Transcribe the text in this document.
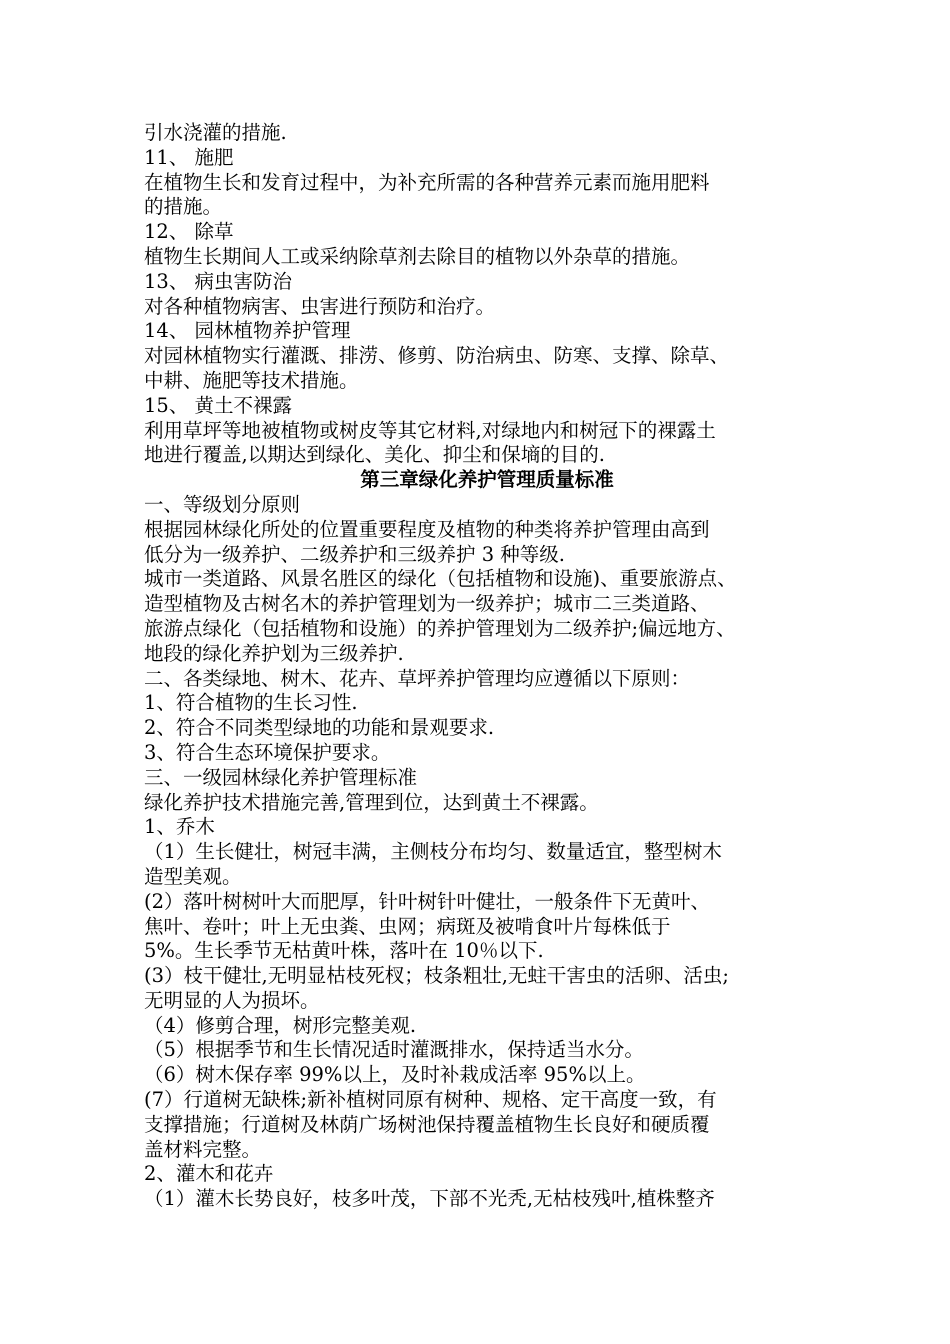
引水浇灌的措施.

11、 施肥

在植物生长和发育过程中，为补充所需的各种营养元素而施用肥料

的措施。

12、 除草

植物生长期间人工或采纳除草剂去除目的植物以外杂草的措施。

13、 病虫害防治

对各种植物病害、虫害进行预防和治疗。

14、 园林植物养护管理

对园林植物实行灌溉、排涝、修剪、防治病虫、防寒、支撑、除草、

中耕、施肥等技术措施。

15、 黄土不裸露

利用草坪等地被植物或树皮等其它材料,对绿地内和树冠下的裸露土

地进行覆盖,以期达到绿化、美化、抑尘和保墒的目的.

第三章绿化养护管理质量标准

一、等级划分原则

根据园林绿化所处的位置重要程度及植物的种类将养护管理由高到

低分为一级养护、二级养护和三级养护 3 种等级.

城市一类道路、风景名胜区的绿化（包括植物和设施)、重要旅游点、

造型植物及古树名木的养护管理划为一级养护；城市二三类道路、

旅游点绿化（包括植物和设施）的养护管理划为二级养护;偏远地方、

地段的绿化养护划为三级养护.

二、各类绿地、树木、花卉、草坪养护管理均应遵循以下原则：

1、符合植物的生长习性.

2、符合不同类型绿地的功能和景观要求.

3、符合生态环境保护要求。

三、一级园林绿化养护管理标准

绿化养护技术措施完善,管理到位，达到黄土不裸露。

1、乔木

（1）生长健壮，树冠丰满，主侧枝分布均匀、数量适宜，整型树木

造型美观。

(2）落叶树树叶大而肥厚，针叶树针叶健壮，一般条件下无黄叶、

焦叶、卷叶；叶上无虫粪、虫网；病斑及被啃食叶片每株低于

5%。生长季节无枯黄叶株，落叶在 10％以下.

(3）枝干健壮,无明显枯枝死杈；枝条粗壮,无蛀干害虫的活卵、活虫;

无明显的人为损坏。

（4）修剪合理，树形完整美观.

（5）根据季节和生长情况适时灌溉排水，保持适当水分。

（6）树木保存率 99%以上，及时补栽成活率 95%以上。

(7）行道树无缺株;新补植树同原有树种、规格、定干高度一致，有

支撑措施；行道树及林荫广场树池保持覆盖植物生长良好和硬质覆

盖材料完整。

2、灌木和花卉

（1）灌木长势良好，枝多叶茂，下部不光秃,无枯枝残叶,植株整齐
